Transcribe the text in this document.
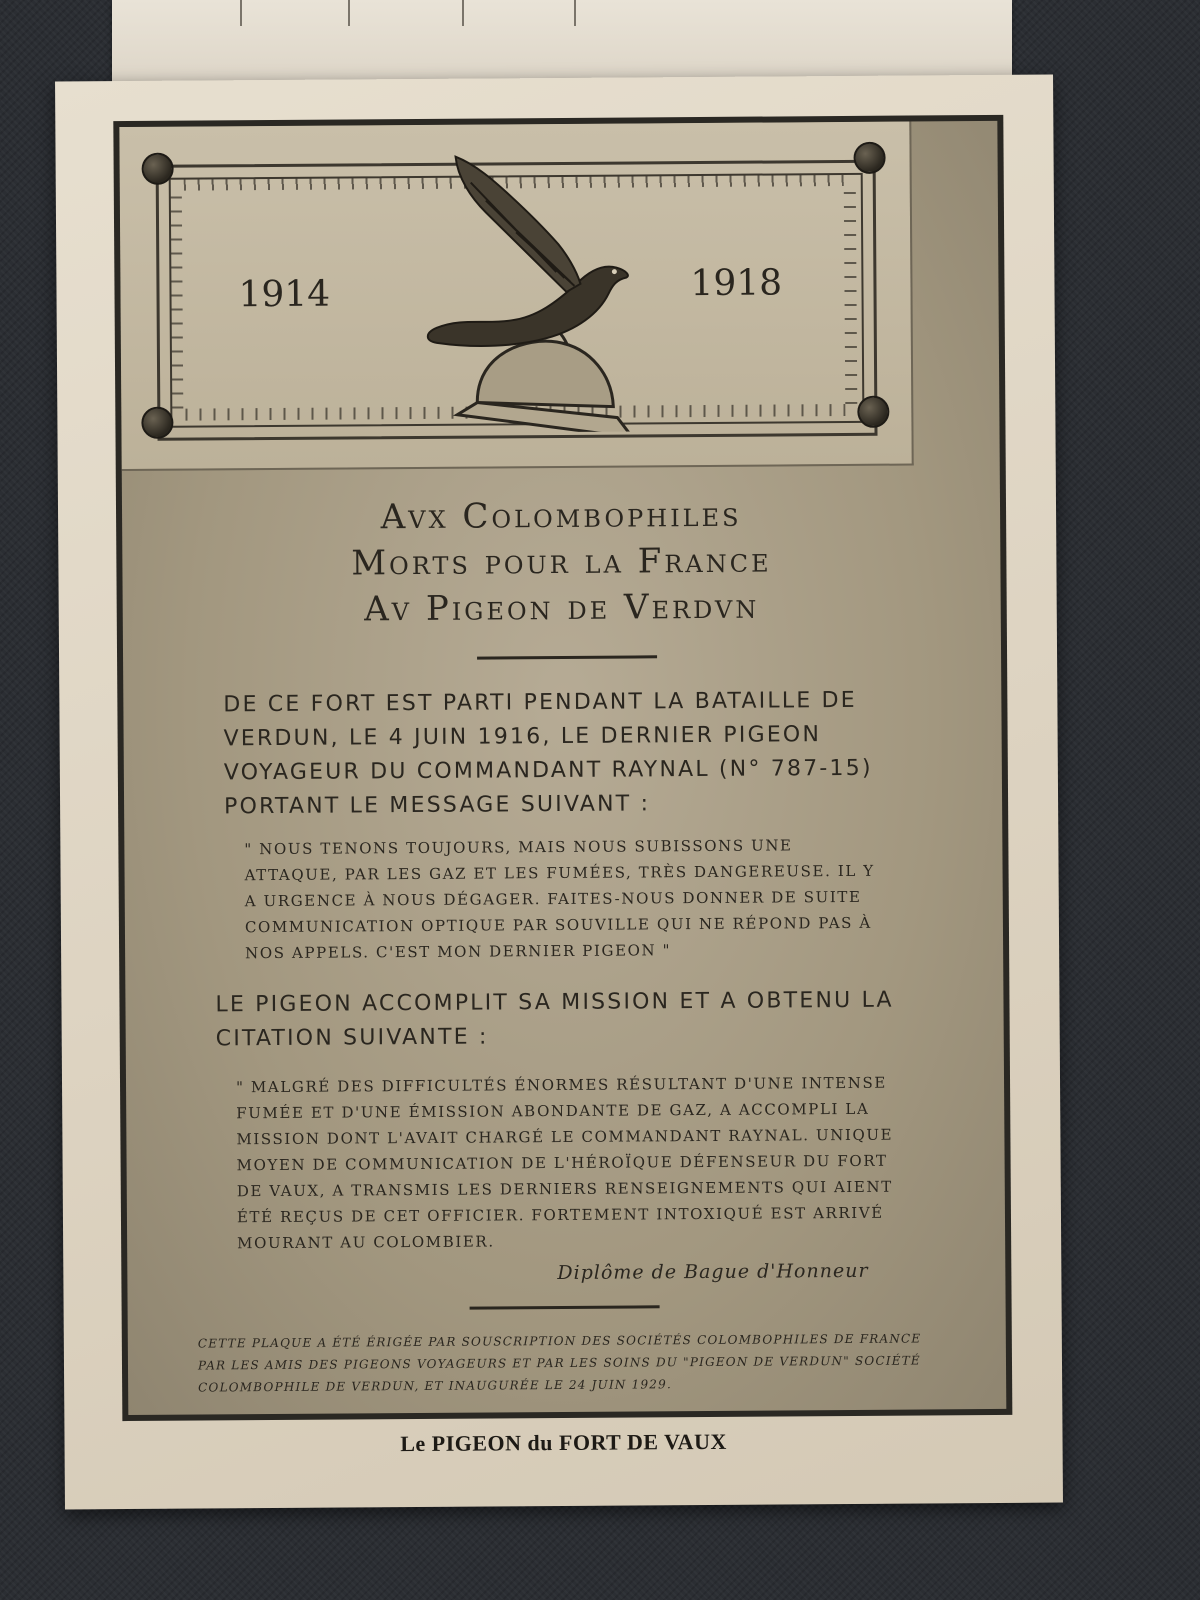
1914	1918
Avx Colombophiles
Morts pour la France
Av Pigeon de Verdvn
DE CE FORT EST PARTI PENDANT LA BATAILLE DE VERDUN, LE 4 JUIN 1916, LE DERNIER PIGEON VOYAGEUR DU COMMANDANT RAYNAL (N° 787-15) PORTANT LE MESSAGE SUIVANT :
" NOUS TENONS TOUJOURS, MAIS NOUS SUBISSONS UNE ATTAQUE, PAR LES GAZ ET LES FUMÉES, TRÈS DANGEREUSE. IL Y A URGENCE À NOUS DÉGAGER. FAITES-NOUS DONNER DE SUITE COMMUNICATION OPTIQUE PAR SOUVILLE QUI NE RÉPOND PAS À NOS APPELS. C'EST MON DERNIER PIGEON "
LE PIGEON ACCOMPLIT SA MISSION ET A OBTENU LA CITATION SUIVANTE :
" MALGRÉ DES DIFFICULTÉS ÉNORMES RÉSULTANT D'UNE INTENSE FUMÉE ET D'UNE ÉMISSION ABONDANTE DE GAZ, A ACCOMPLI LA MISSION DONT L'AVAIT CHARGÉ LE COMMANDANT RAYNAL. UNIQUE MOYEN DE COMMUNICATION DE L'HÉROÏQUE DÉFENSEUR DU FORT DE VAUX, A TRANSMIS LES DERNIERS RENSEIGNEMENTS QUI AIENT ÉTÉ REÇUS DE CET OFFICIER. FORTEMENT INTOXIQUÉ EST ARRIVÉ MOURANT AU COLOMBIER.
Diplôme de Bague d'Honneur
CETTE PLAQUE A ÉTÉ ÉRIGÉE PAR SOUSCRIPTION DES SOCIÉTÉS COLOMBOPHILES DE FRANCE PAR LES AMIS DES PIGEONS VOYAGEURS ET PAR LES SOINS DU "PIGEON DE VERDUN" SOCIÉTÉ COLOMBOPHILE DE VERDUN, ET INAUGURÉE LE 24 JUIN 1929.
Le PIGEON du FORT DE VAUX
